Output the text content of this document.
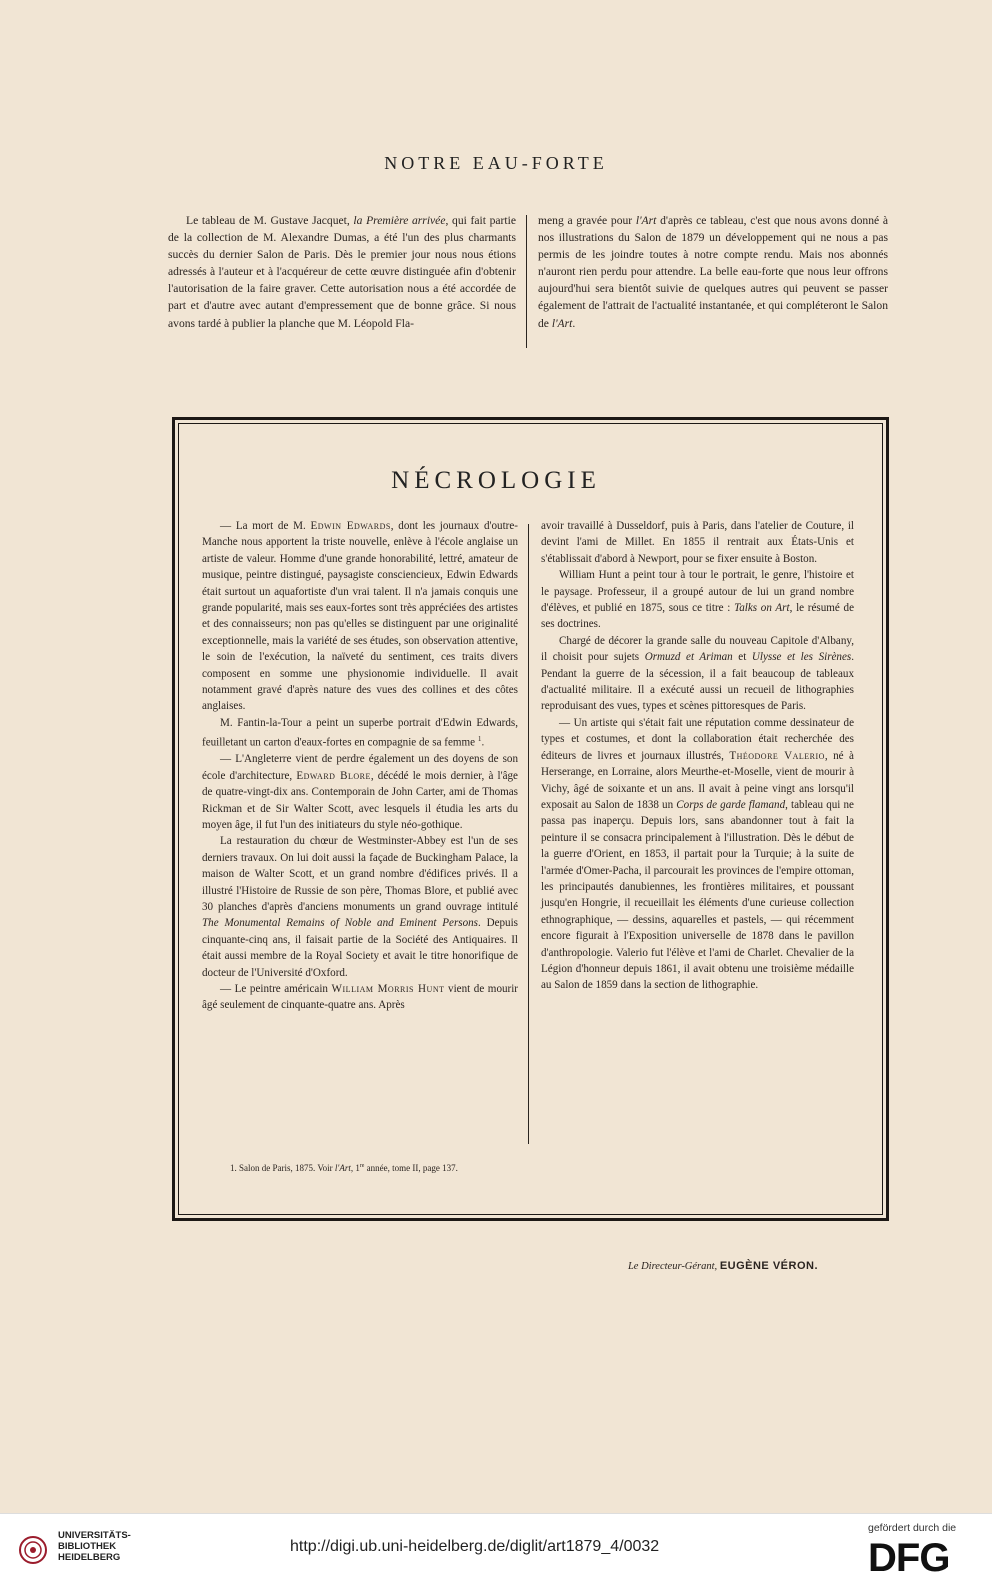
NOTRE EAU-FORTE

Le tableau de M. Gustave Jacquet, la Première arrivée, qui fait partie de la collection de M. Alexandre Dumas, a été l'un des plus charmants succès du dernier Salon de Paris. Dès le premier jour nous nous étions adressés à l'auteur et à l'acquéreur de cette œuvre distinguée afin d'obtenir l'autorisation de la faire graver. Cette autorisation nous a été accordée de part et d'autre avec autant d'empressement que de bonne grâce. Si nous avons tardé à publier la planche que M. Léopold Fla-

meng a gravée pour l'Art d'après ce tableau, c'est que nous avons donné à nos illustrations du Salon de 1879 un développement qui ne nous a pas permis de les joindre toutes à notre compte rendu. Mais nos abonnés n'auront rien perdu pour attendre. La belle eau-forte que nous leur offrons aujourd'hui sera bientôt suivie de quelques autres qui peuvent se passer également de l'attrait de l'actualité instantanée, et qui compléteront le Salon de l'Art.

NÉCROLOGIE

— La mort de M. Edwin Edwards, dont les journaux d'outre-Manche nous apportent la triste nouvelle, enlève à l'école anglaise un artiste de valeur. Homme d'une grande honorabilité, lettré, amateur de musique, peintre distingué, paysagiste consciencieux, Edwin Edwards était surtout un aquafortiste d'un vrai talent. Il n'a jamais conquis une grande popularité, mais ses eaux-fortes sont très appréciées des artistes et des connaisseurs; non pas qu'elles se distinguent par une originalité exceptionnelle, mais la variété de ses études, son observation attentive, le soin de l'exécution, la naïveté du sentiment, ces traits divers composent en somme une physionomie individuelle. Il avait notamment gravé d'après nature des vues des collines et des côtes anglaises.

M. Fantin-la-Tour a peint un superbe portrait d'Edwin Edwards, feuilletant un carton d'eaux-fortes en compagnie de sa femme $^1$.

— L'Angleterre vient de perdre également un des doyens de son école d'architecture, Edward Blore, décédé le mois dernier, à l'âge de quatre-vingt-dix ans. Contemporain de John Carter, ami de Thomas Rickman et de Sir Walter Scott, avec lesquels il étudia les arts du moyen âge, il fut l'un des initiateurs du style néo-gothique.

La restauration du chœur de Westminster-Abbey est l'un de ses derniers travaux. On lui doit aussi la façade de Buckingham Palace, la maison de Walter Scott, et un grand nombre d'édifices privés. Il a illustré l'Histoire de Russie de son père, Thomas Blore, et publié avec 30 planches d'après d'anciens monuments un grand ouvrage intitulé The Monumental Remains of Noble and Eminent Persons. Depuis cinquante-cinq ans, il faisait partie de la Société des Antiquaires. Il était aussi membre de la Royal Society et avait le titre honorifique de docteur de l'Université d'Oxford.

— Le peintre américain William Morris Hunt vient de mourir âgé seulement de cinquante-quatre ans. Après

avoir travaillé à Dusseldorf, puis à Paris, dans l'atelier de Couture, il devint l'ami de Millet. En 1855 il rentrait aux États-Unis et s'établissait d'abord à Newport, pour se fixer ensuite à Boston.

William Hunt a peint tour à tour le portrait, le genre, l'histoire et le paysage. Professeur, il a groupé autour de lui un grand nombre d'élèves, et publié en 1875, sous ce titre : Talks on Art, le résumé de ses doctrines.

Chargé de décorer la grande salle du nouveau Capitole d'Albany, il choisit pour sujets Ormuzd et Ariman et Ulysse et les Sirènes. Pendant la guerre de la sécession, il a fait beaucoup de tableaux d'actualité militaire. Il a exécuté aussi un recueil de lithographies reproduisant des vues, types et scènes pittoresques de Paris.

— Un artiste qui s'était fait une réputation comme dessinateur de types et costumes, et dont la collaboration était recherchée des éditeurs de livres et journaux illustrés, Théodore Valerio, né à Herserange, en Lorraine, alors Meurthe-et-Moselle, vient de mourir à Vichy, âgé de soixante et un ans. Il avait à peine vingt ans lorsqu'il exposait au Salon de 1838 un Corps de garde flamand, tableau qui ne passa pas inaperçu. Depuis lors, sans abandonner tout à fait la peinture il se consacra principalement à l'illustration. Dès le début de la guerre d'Orient, en 1853, il partait pour la Turquie; à la suite de l'armée d'Omer-Pacha, il parcourait les provinces de l'empire ottoman, les principautés danubiennes, les frontières militaires, et poussant jusqu'en Hongrie, il recueillait les éléments d'une curieuse collection ethnographique, — dessins, aquarelles et pastels, — qui récemment encore figurait à l'Exposition universelle de 1878 dans le pavillon d'anthropologie. Valerio fut l'élève et l'ami de Charlet. Chevalier de la Légion d'honneur depuis 1861, il avait obtenu une troisième médaille au Salon de 1859 dans la section de lithographie.

1. Salon de Paris, 1875. Voir l'Art, 1re année, tome II, page 137.
Le Directeur-Gérant, EUGÈNE VÉRON.
UNIVERSITÄTS-
BIBLIOTHEK
HEIDELBERG
http://digi.ub.uni-heidelberg.de/diglit/art1879_4/0032
gefördert durch die
DFG
